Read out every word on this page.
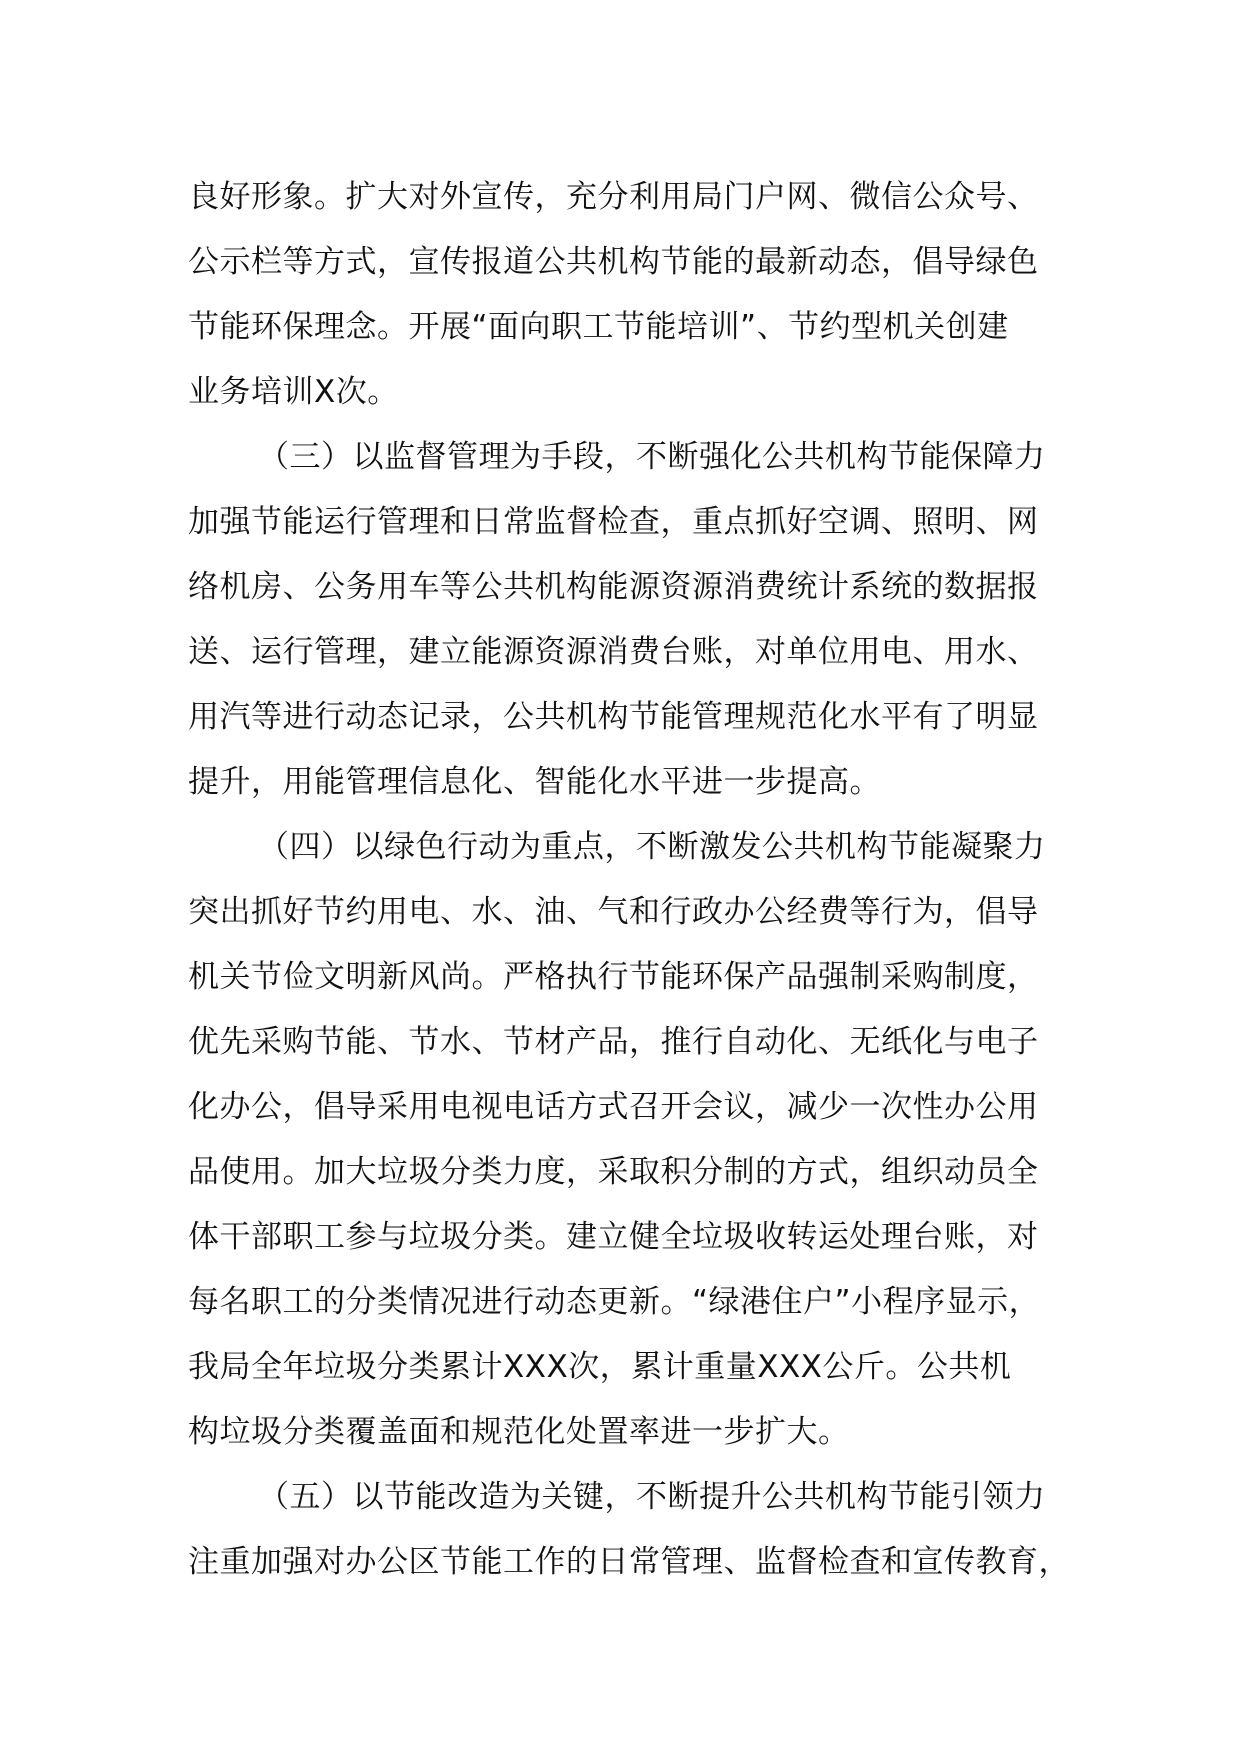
良好形象。扩大对外宣传，充分利用局门户网、微信公众号、
公示栏等方式，宣传报道公共机构节能的最新动态，倡导绿色
节能环保理念。开展“面向职工节能培训”、节约型机关创建
业务培训X次。
（三）以监督管理为手段，不断强化公共机构节能保障力
加强节能运行管理和日常监督检查，重点抓好空调、照明、网
络机房、公务用车等公共机构能源资源消费统计系统的数据报
送、运行管理，建立能源资源消费台账，对单位用电、用水、
用汽等进行动态记录，公共机构节能管理规范化水平有了明显
提升，用能管理信息化、智能化水平进一步提高。
（四）以绿色行动为重点，不断激发公共机构节能凝聚力
突出抓好节约用电、水、油、气和行政办公经费等行为，倡导
机关节俭文明新风尚。严格执行节能环保产品强制采购制度，
优先采购节能、节水、节材产品，推行自动化、无纸化与电子
化办公，倡导采用电视电话方式召开会议，减少一次性办公用
品使用。加大垃圾分类力度，采取积分制的方式，组织动员全
体干部职工参与垃圾分类。建立健全垃圾收转运处理台账，对
每名职工的分类情况进行动态更新。“绿港住户”小程序显示，
我局全年垃圾分类累计XXX次，累计重量XXX公斤。公共机
构垃圾分类覆盖面和规范化处置率进一步扩大。
（五）以节能改造为关键，不断提升公共机构节能引领力
注重加强对办公区节能工作的日常管理、监督检查和宣传教育，
